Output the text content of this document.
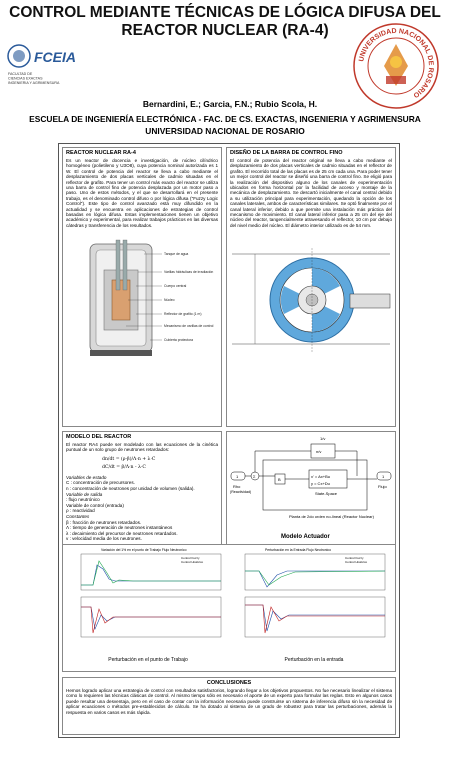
CONTROL MEDIANTE TÉCNICAS DE LÓGICA DIFUSA DEL REACTOR NUCLEAR (RA-4)
FCEIA
FACULTAD DE
CIENCIAS EXACTAS
INGENIERIA Y AGRIMENSURA
UNIVERSIDAD NACIONAL DE ROSARIO
Bernardini, E.; Garcia, F.N.; Rubio Scola, H.
ESCUELA DE INGENIERÍA ELECTRÓNICA - FAC. DE CS. EXACTAS, INGENIERIA Y AGRIMENSURA
UNIVERSIDAD NACIONAL DE ROSARIO
REACTOR NUCLEAR RA-4
Es un reactor de docencia e investigación, de núcleo cilíndrico homogéneo (polietileno y U3O8), cuya potencia nominal autorizada es 1 W. El control de potencia del reactor se lleva a cabo mediante el desplazamiento de dos placas verticales de cadmio situadas en el reflector de grafito. Para tener un control más exacto del reactor se utiliza una barra de control fino de potencia desplazada por un motor paso a paso. Uno de estos métodos, y el que se desarrollará en el presente trabajo, es el denominado control difuso o por lógica difusa ("Fuzzy Logic Control"). Este tipo de control avanzado está muy difundido en la actualidad y se encuentra en aplicaciones de estrategias de control basadas en lógica difusa. Estas implementaciones tienen un objetivo académico y experimental, para realizar trabajos prácticos en las diversas cátedras y transferencia de los resultados.
Tanque de agua
Varillas hidráulicas de irradiación
Cuerpo central
Núcleo
Reflector de grafito (1 m)
Mecanismo de varillas de control
Cubierta protectora
DISEÑO DE LA BARRA DE CONTROL FINO
El control de potencia del reactor original se lleva a cabo mediante el desplazamiento de dos placas verticales de cadmio situadas en el reflector de grafito. El recorrido total de las placas es de 25 cm cada una. Para poder tener un mejor control del reactor se diseñó una barra de control fino. Se eligió para la realización del dispositivo alguno de los canales de experimentación ubicados en forma horizontal por la facilidad de acceso y montaje de la mecánica de desplazamiento. Se descartó inicialmente el canal central debido a su utilización principal para experimentación, quedando la opción de los canales laterales, ambos de características similares. Se optó finalmente por el canal lateral inferior, debido a que permite una instalación más práctica del mecanismo de movimiento. El canal lateral inferior pasa a 25 cm del eje del núcleo del reactor, tangencialmente atravesando el reflector, 10 cm por debajo del nivel medio del núcleo. El diámetro interior utilizado es de 54 mm.
MODELO DEL REACTOR
El reactor RA4 puede ser modelado con las ecuaciones de la cinética puntual de un solo grupo de neutrones retardados:
dn/dt = (ρ-β)/Λ·n + λ·C
dC/dt = β/Λ·n - λ·C
Variables de estado
C : concentración de precursores.
n : concentración de neutrones por unidad de volumen (salida).
Variable de salida
: flujo neutrónico
Variable de control (entrada)
ρ : reactividad
Constantes
β : fracción de neutrones retardados.
Λ : tiempo de generación de neutrones instantáneos
λ : decaimiento del precursor de neutrones retardados.
v : velocidad media de los neutrones.
1/v
n/v
B
Σ	x' = Ax+Bu
y = Cx+Du
State-Space
1
Rho
(Reactividad)
1
Flujo
Planta de 2do orden no-lineal (Reactor Nuclear)
Modelo Actuador
Variación del 1% en el punto de Trabajo Flujo Neutronico
Control Fuzzy
Control Histórico
Perturbación en la Entrada Flujo Neutronico
Control Fuzzy
Control Histórico
Perturbación en el punto de Trabajo	Perturbación en la entrada
CONCLUSIONES
Hemos logrado aplicar una estrategia de control con resultados satisfactorios, logrando llegar a los objetivos propuestos. No fue necesario linealizar el sistema como lo requieren las técnicas clásicas de control. Al mismo tiempo sólo es necesario el aporte de un experto para formular las reglas. Esto en algunos casos puede resultar una desventaja, pero en el caso de contar con la información necesaria puede construirse un sistema de inferencia difuso sin la necesidad de aplicar ecuaciones o métodos pre-establecidos de cálculo. Se ha dotado al sistema de un grado de robustez para tratar las perturbaciones, además la respuesta en varios casos es más rápida.
